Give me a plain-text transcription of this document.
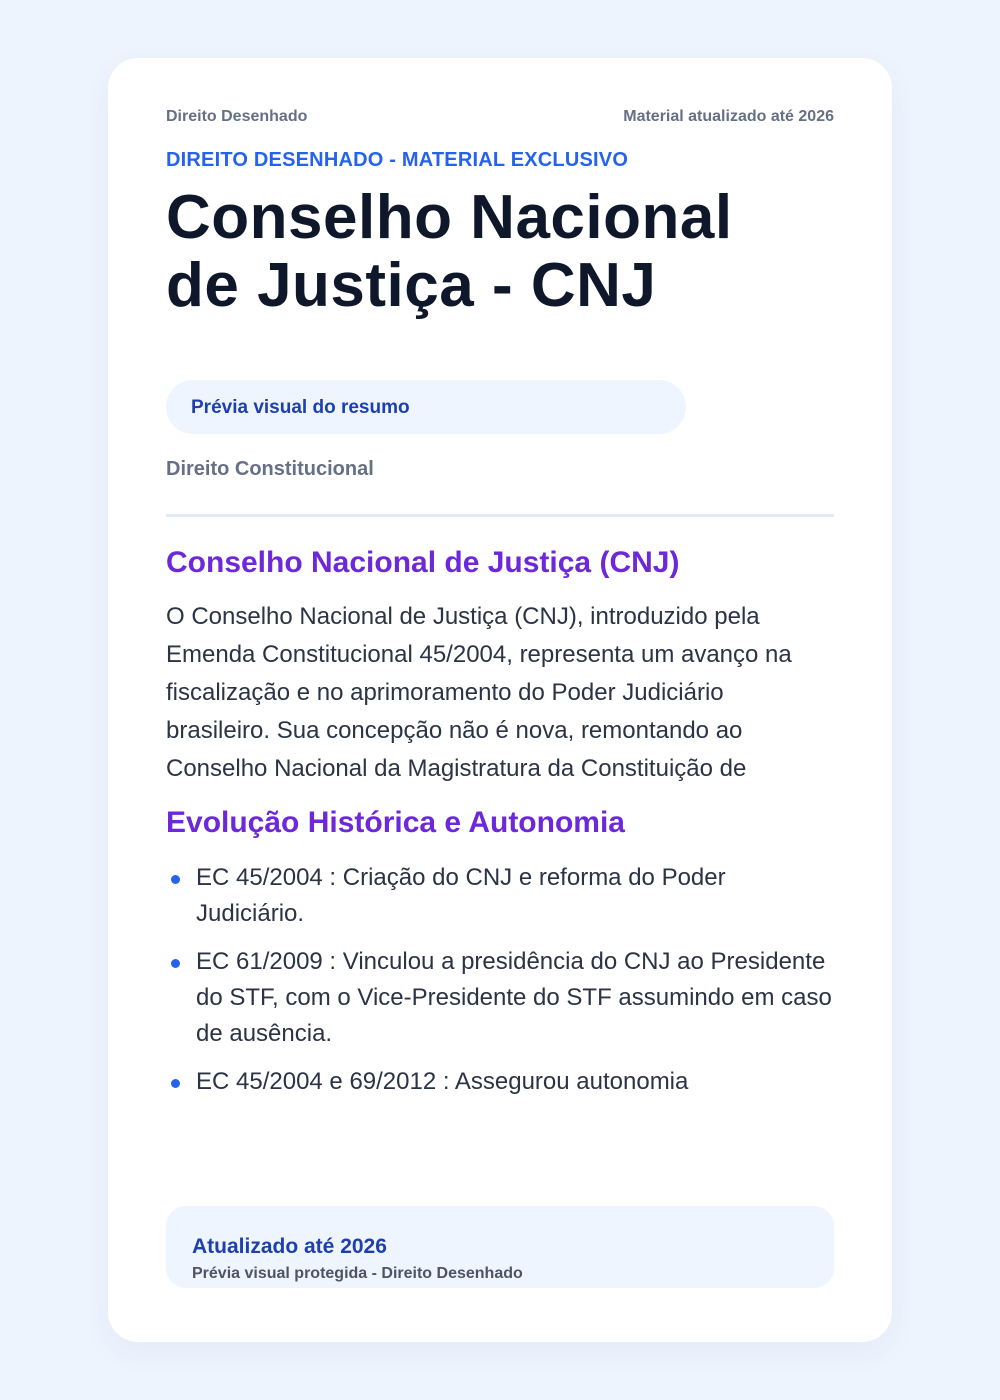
Direito Desenhado	Material atualizado até 2026
DIREITO DESENHADO - MATERIAL EXCLUSIVO
Conselho Nacional
de Justiça - CNJ
Prévia visual do resumo
Direito Constitucional
Conselho Nacional de Justiça (CNJ)

O Conselho Nacional de Justiça (CNJ), introduzido pela Emenda Constitucional 45/2004, representa um avanço na fiscalização e no aprimoramento do Poder Judiciário brasileiro. Sua concepção não é nova, remontando ao Conselho Nacional da Magistratura da Constituição de

Evolução Histórica e Autonomia
EC 45/2004 : Criação do CNJ e reforma do Poder Judiciário.
EC 61/2009 : Vinculou a presidência do CNJ ao Presidente do STF, com o Vice-Presidente do STF assumindo em caso de ausência.
EC 45/2004 e 69/2012 : Assegurou autonomia
Atualizado até 2026
Prévia visual protegida - Direito Desenhado
